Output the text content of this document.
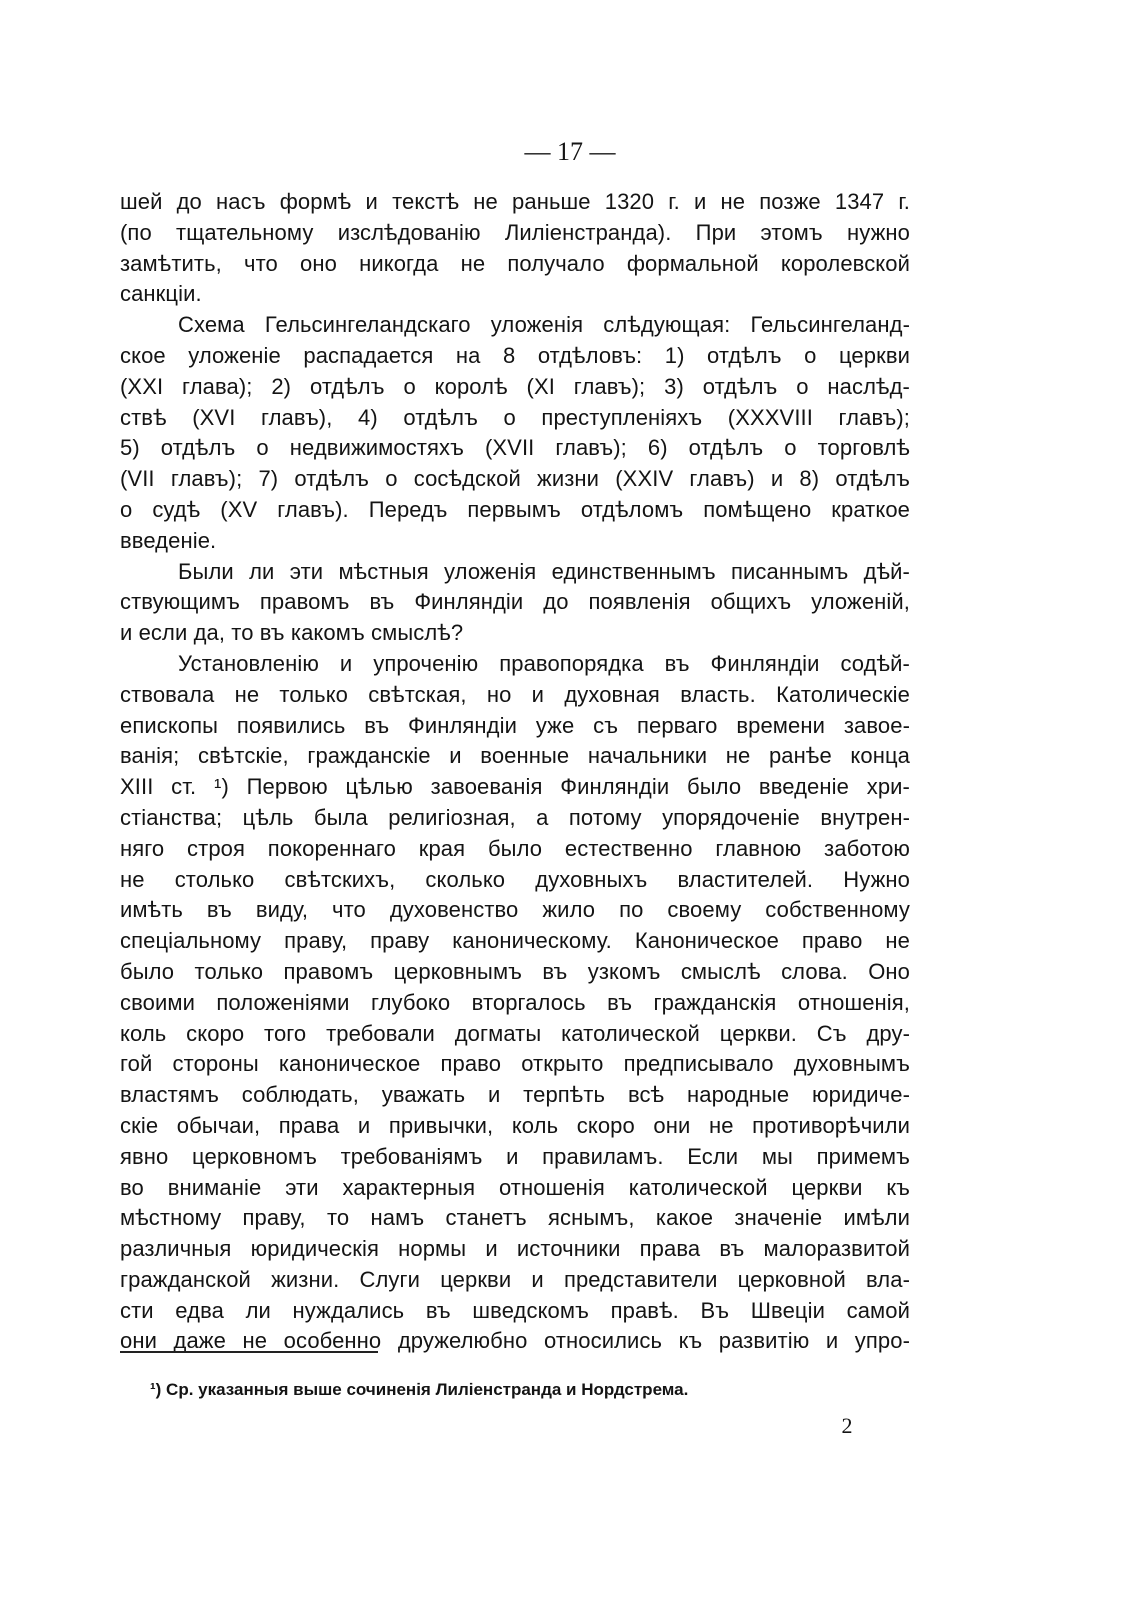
— 17 —
шей до насъ формѣ и текстѣ не раньше 1320 г. и не позже 1347 г.
(по тщательному изслѣдованію Лиліенстранда). При этомъ нужно
замѣтить, что оно никогда не получало формальной королевской
санкціи.
Схема Гельсингеландскаго уложенія слѣдующая: Гельсингеланд-
ское уложеніе распадается на 8 отдѣловъ: 1) отдѣлъ о церкви
(XXI глава); 2) отдѣлъ о королѣ (XI главъ); 3) отдѣлъ о наслѣд-
ствѣ (XVI главъ), 4) отдѣлъ о преступленіяхъ (XXXVIII главъ);
5) отдѣлъ о недвижимостяхъ (XVII главъ); 6) отдѣлъ о торговлѣ
(VII главъ); 7) отдѣлъ о сосѣдской жизни (XXIV главъ) и 8) отдѣлъ
о судѣ (XV главъ). Передъ первымъ отдѣломъ помѣщено краткое
введеніе.
Были ли эти мѣстныя уложенія единственнымъ писаннымъ дѣй-
ствующимъ правомъ въ Финляндіи до появленія общихъ уложеній,
и если да, то въ какомъ смыслѣ?
Установленію и упроченію правопорядка въ Финляндіи содѣй-
ствовала не только свѣтская, но и духовная власть. Католическіе
епископы появились въ Финляндіи уже съ перваго времени завое-
ванія; свѣтскіе, гражданскіе и военные начальники не ранѣе конца
XIII ст. ¹) Первою цѣлью завоеванія Финляндіи было введеніе хри-
стіанства; цѣль была религіозная, а потому упорядоченіе внутрен-
няго строя покореннаго края было естественно главною заботою
не столько свѣтскихъ, сколько духовныхъ властителей. Нужно
имѣть въ виду, что духовенство жило по своему собственному
спеціальному праву, праву каноническому. Каноническое право не
было только правомъ церковнымъ въ узкомъ смыслѣ слова. Оно
своими положеніями глубоко вторгалось въ гражданскія отношенія,
коль скоро того требовали догматы католической церкви. Съ дру-
гой стороны каноническое право открыто предписывало духовнымъ
властямъ соблюдать, уважать и терпѣть всѣ народные юридиче-
скіе обычаи, права и привычки, коль скоро они не противорѣчили
явно церковномъ требованіямъ и правиламъ. Если мы примемъ
во вниманіе эти характерныя отношенія католической церкви къ
мѣстному праву, то намъ станетъ яснымъ, какое значеніе имѣли
различныя юридическія нормы и источники права въ малоразвитой
гражданской жизни. Слуги церкви и представители церковной вла-
сти едва ли нуждались въ шведскомъ правѣ. Въ Швеціи самой
они даже не особенно дружелюбно относились къ развитію и упро-
¹) Ср. указанныя выше сочиненія Лиліенстранда и Нордстрема.
2
